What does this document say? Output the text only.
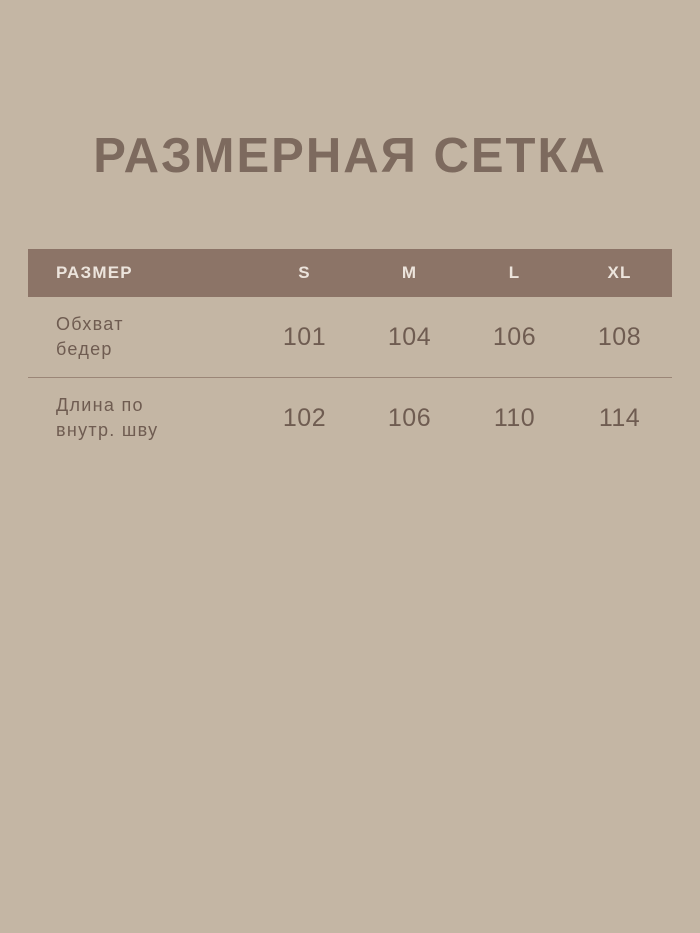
РАЗМЕРНАЯ СЕТКА
РАЗМЕР	S	M	L	XL
Обхват
бедер	101	104	106	108
Длина по
внутр. шву	102	106	110	114
